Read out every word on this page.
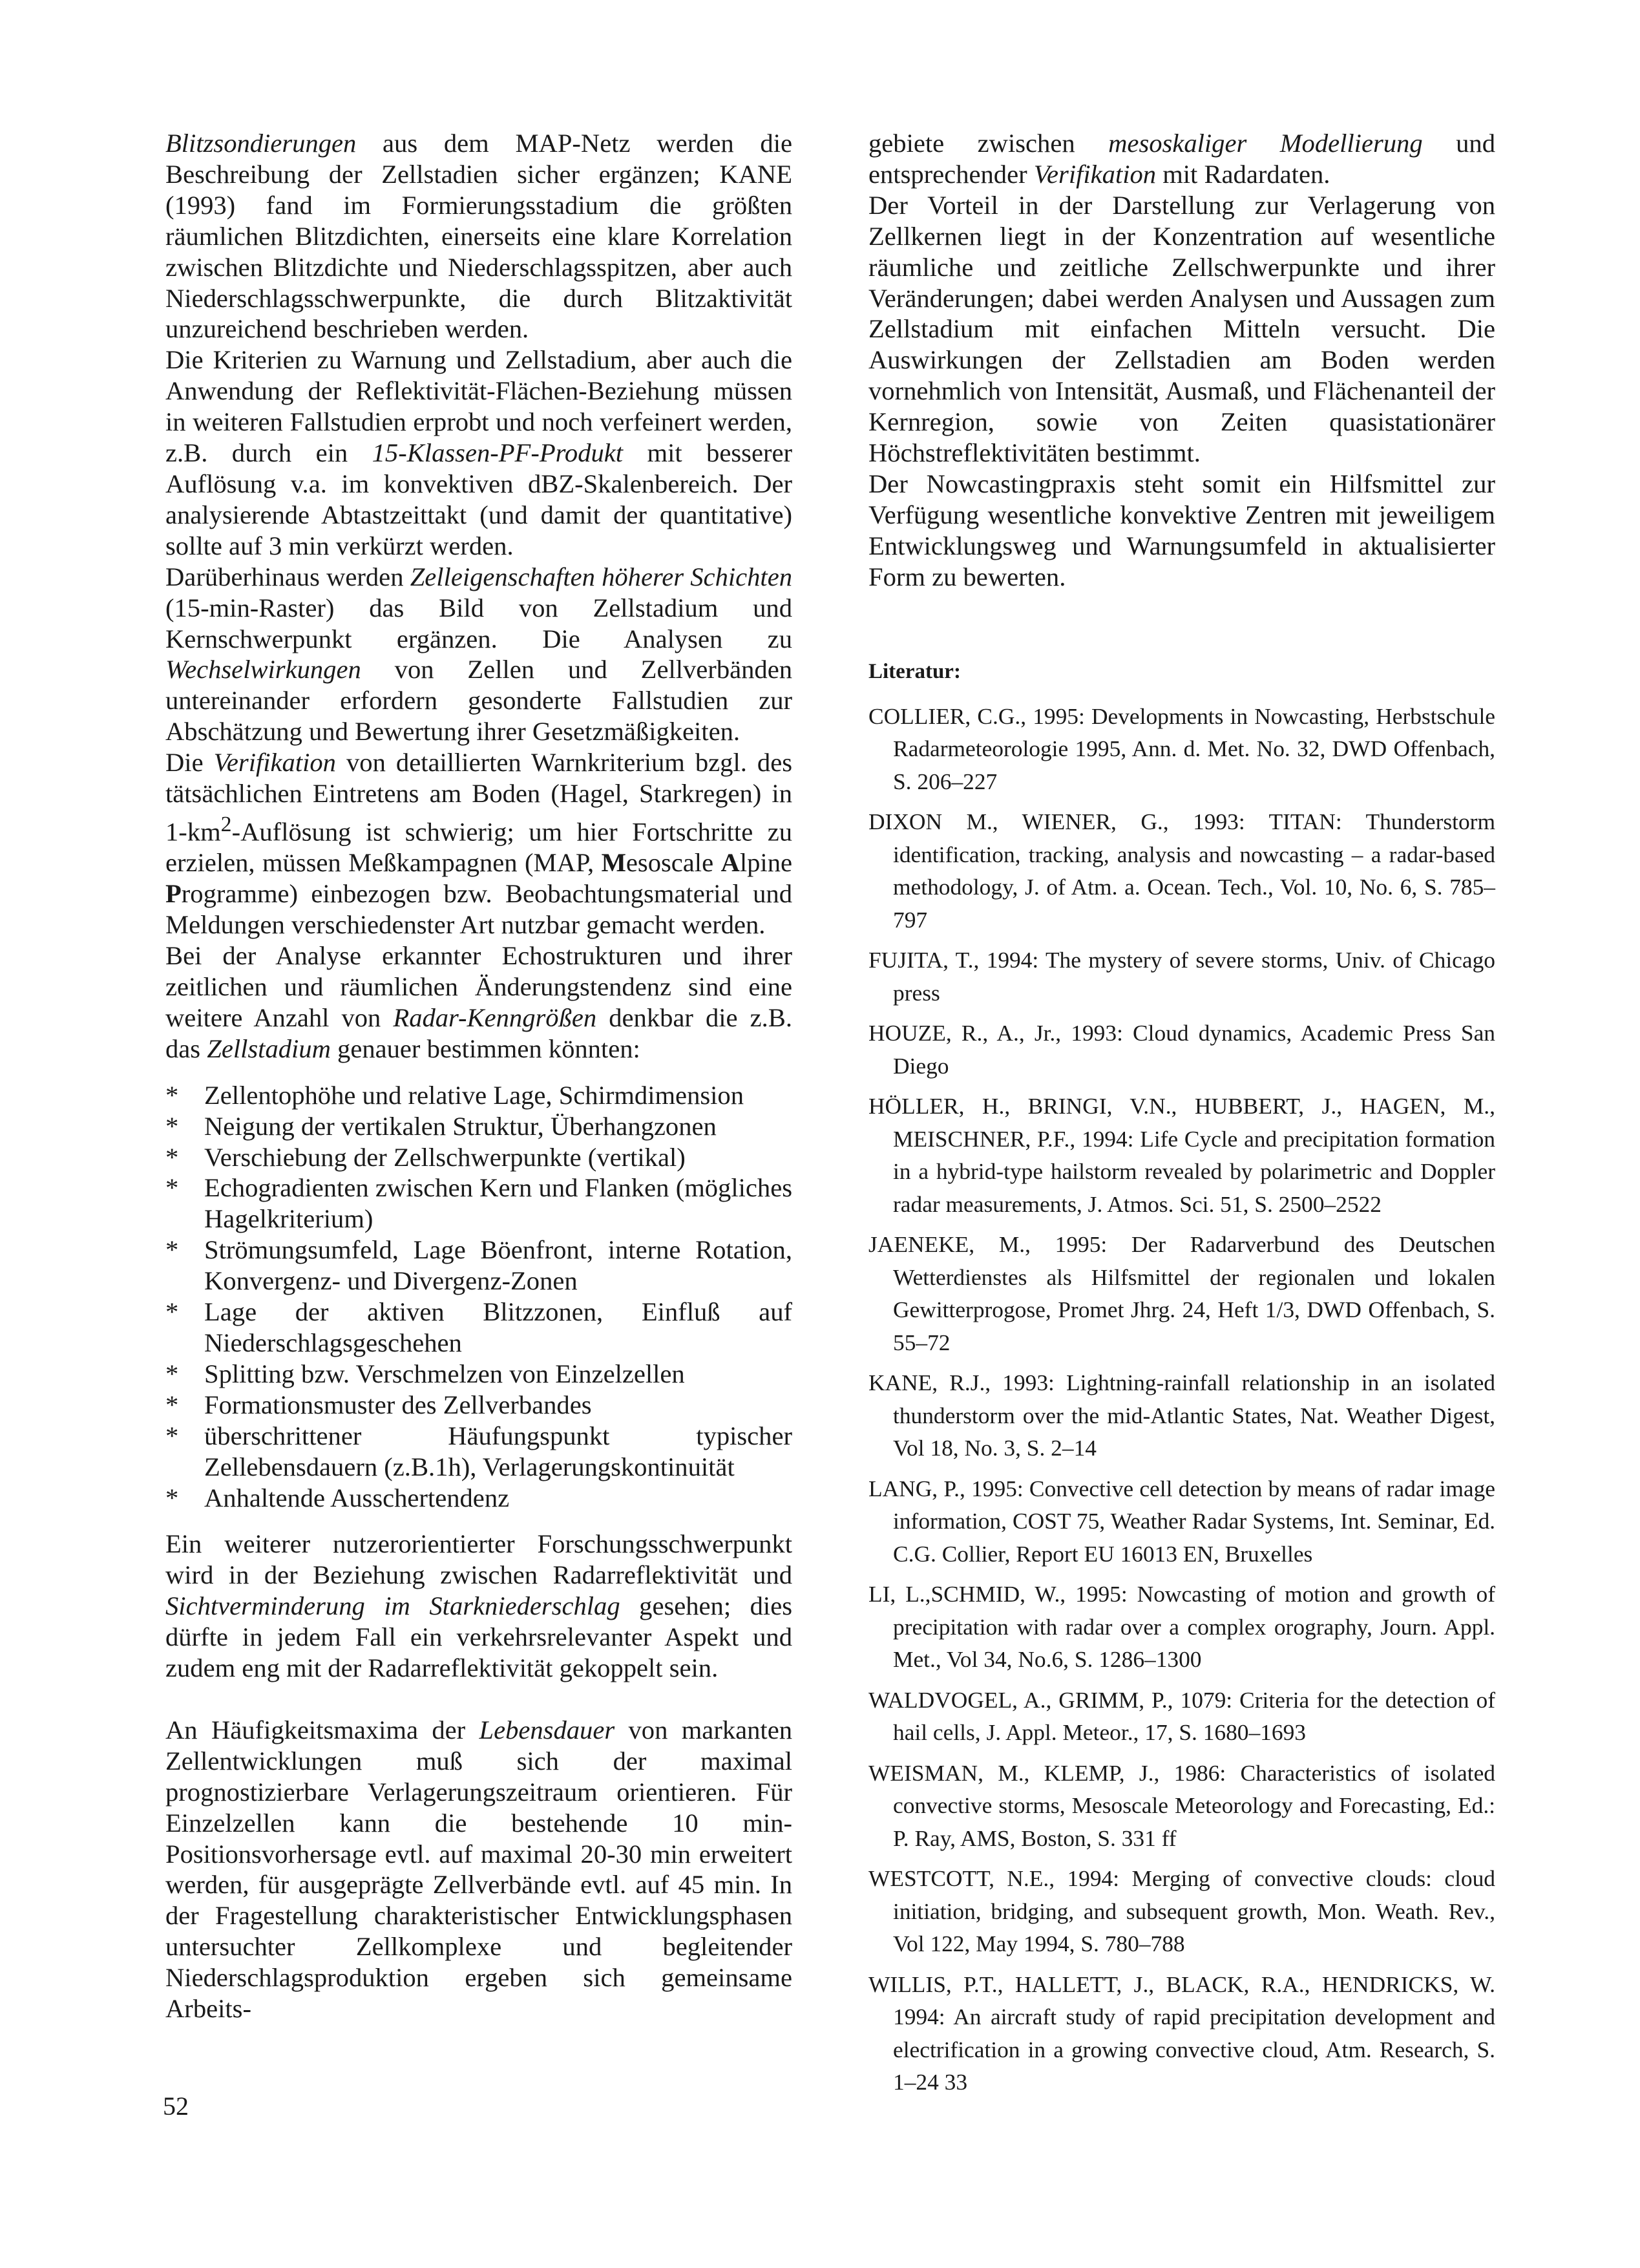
Blitzsondierungen aus dem MAP-Netz werden die Beschreibung der Zellstadien sicher ergänzen; KANE (1993) fand im Formierungsstadium die größten räumlichen Blitzdichten, einerseits eine klare Korrelation zwischen Blitzdichte und Niederschlagsspitzen, aber auch Niederschlagsschwerpunkte, die durch Blitzaktivität unzureichend beschrieben werden.

Die Kriterien zu Warnung und Zellstadium, aber auch die Anwendung der Reflektivität-Flächen-Beziehung müssen in weiteren Fallstudien erprobt und noch verfeinert werden, z.B. durch ein 15-Klassen-PF-Produkt mit besserer Auflösung v.a. im konvektiven dBZ-Skalenbereich. Der analysierende Abtastzeittakt (und damit der quantitative) sollte auf 3 min verkürzt werden.

Darüberhinaus werden Zelleigenschaften höherer Schichten (15-min-Raster) das Bild von Zellstadium und Kernschwerpunkt ergänzen. Die Analysen zu Wechselwirkungen von Zellen und Zellverbänden untereinander erfordern gesonderte Fallstudien zur Abschätzung und Bewertung ihrer Gesetzmäßigkeiten.

Die Verifikation von detaillierten Warnkriterium bzgl. des tätsächlichen Eintretens am Boden (Hagel, Starkregen) in $1-km^2$-Auflösung ist schwierig; um hier Fortschritte zu erzielen, müssen Meßkampagnen (MAP, Mesoscale Alpine Programme) einbezogen bzw. Beobachtungsmaterial und Meldungen verschiedenster Art nutzbar gemacht werden.

Bei der Analyse erkannter Echostrukturen und ihrer zeitlichen und räumlichen Änderungstendenz sind eine weitere Anzahl von Radar-Kenngrößen denkbar die z.B. das Zellstadium genauer bestimmen könnten:

* Zellentophöhe und relative Lage, Schirmdimension
* Neigung der vertikalen Struktur, Überhangzonen
* Verschiebung der Zellschwerpunkte (vertikal)
* Echogradienten zwischen Kern und Flanken (mögliches Hagelkriterium)
* Strömungsumfeld, Lage Böenfront, interne Rotation, Konvergenz- und Divergenz-Zonen
* Lage der aktiven Blitzzonen, Einfluß auf Niederschlagsgeschehen
* Splitting bzw. Verschmelzen von Einzelzellen
* Formationsmuster des Zellverbandes
* überschrittener Häufungspunkt typischer Zellebensdauern (z.B.1h), Verlagerungskontinuität
* Anhaltende Ausschertendenz

Ein weiterer nutzerorientierter Forschungsschwerpunkt wird in der Beziehung zwischen Radarreflektivität und Sichtverminderung im Starkniederschlag gesehen; dies dürfte in jedem Fall ein verkehrsrelevanter Aspekt und zudem eng mit der Radarreflektivität gekoppelt sein.

An Häufigkeitsmaxima der Lebensdauer von markanten Zellentwicklungen muß sich der maximal prognostizierbare Verlagerungszeitraum orientieren. Für Einzelzellen kann die bestehende 10 min-Positionsvorhersage evtl. auf maximal 20-30 min erweitert werden, für ausgeprägte Zellverbände evtl. auf 45 min. In der Fragestellung charakteristischer Entwicklungsphasen untersuchter Zellkomplexe und begleitender Niederschlagsproduktion ergeben sich gemeinsame Arbeits-

gebiete zwischen mesoskaliger Modellierung und entsprechender Verifikation mit Radardaten.

Der Vorteil in der Darstellung zur Verlagerung von Zellkernen liegt in der Konzentration auf wesentliche räumliche und zeitliche Zellschwerpunkte und ihrer Veränderungen; dabei werden Analysen und Aussagen zum Zellstadium mit einfachen Mitteln versucht. Die Auswirkungen der Zellstadien am Boden werden vornehmlich von Intensität, Ausmaß, und Flächenanteil der Kernregion, sowie von Zeiten quasistationärer Höchstreflektivitäten bestimmt.

Der Nowcastingpraxis steht somit ein Hilfsmittel zur Verfügung wesentliche konvektive Zentren mit jeweiligem Entwicklungsweg und Warnungsumfeld in aktualisierter Form zu bewerten.

Literatur:
COLLIER, C.G., 1995: Developments in Nowcasting, Herbstschule Radarmeteorologie 1995, Ann. d. Met. No. 32, DWD Offenbach, S. 206–227
DIXON M., WIENER, G., 1993: TITAN: Thunderstorm identification, tracking, analysis and nowcasting – a radar-based methodology, J. of Atm. a. Ocean. Tech., Vol. 10, No. 6, S. 785–797
FUJITA, T., 1994: The mystery of severe storms, Univ. of Chicago press
HOUZE, R., A., Jr., 1993: Cloud dynamics, Academic Press San Diego
HÖLLER, H., BRINGI, V.N., HUBBERT, J., HAGEN, M., MEISCHNER, P.F., 1994: Life Cycle and precipitation formation in a hybrid-type hailstorm revealed by polarimetric and Doppler radar measurements, J. Atmos. Sci. 51, S. 2500–2522
JAENEKE, M., 1995: Der Radarverbund des Deutschen Wetterdienstes als Hilfsmittel der regionalen und lokalen Gewitterprogose, Promet Jhrg. 24, Heft 1/3, DWD Offenbach, S. 55–72
KANE, R.J., 1993: Lightning-rainfall relationship in an isolated thunderstorm over the mid-Atlantic States, Nat. Weather Digest, Vol 18, No. 3, S. 2–14
LANG, P., 1995: Convective cell detection by means of radar image information, COST 75, Weather Radar Systems, Int. Seminar, Ed. C.G. Collier, Report EU 16013 EN, Bruxelles
LI, L.,SCHMID, W., 1995: Nowcasting of motion and growth of precipitation with radar over a complex orography, Journ. Appl. Met., Vol 34, No.6, S. 1286–1300
WALDVOGEL, A., GRIMM, P., 1079: Criteria for the detection of hail cells, J. Appl. Meteor., 17, S. 1680–1693
WEISMAN, M., KLEMP, J., 1986: Characteristics of isolated convective storms, Mesoscale Meteorology and Forecasting, Ed.: P. Ray, AMS, Boston, S. 331 ff
WESTCOTT, N.E., 1994: Merging of convective clouds: cloud initiation, bridging, and subsequent growth, Mon. Weath. Rev., Vol 122, May 1994, S. 780–788
WILLIS, P.T., HALLETT, J., BLACK, R.A., HENDRICKS, W. 1994: An aircraft study of rapid precipitation development and electrification in a growing convective cloud, Atm. Research, S. 1–24 33
52
